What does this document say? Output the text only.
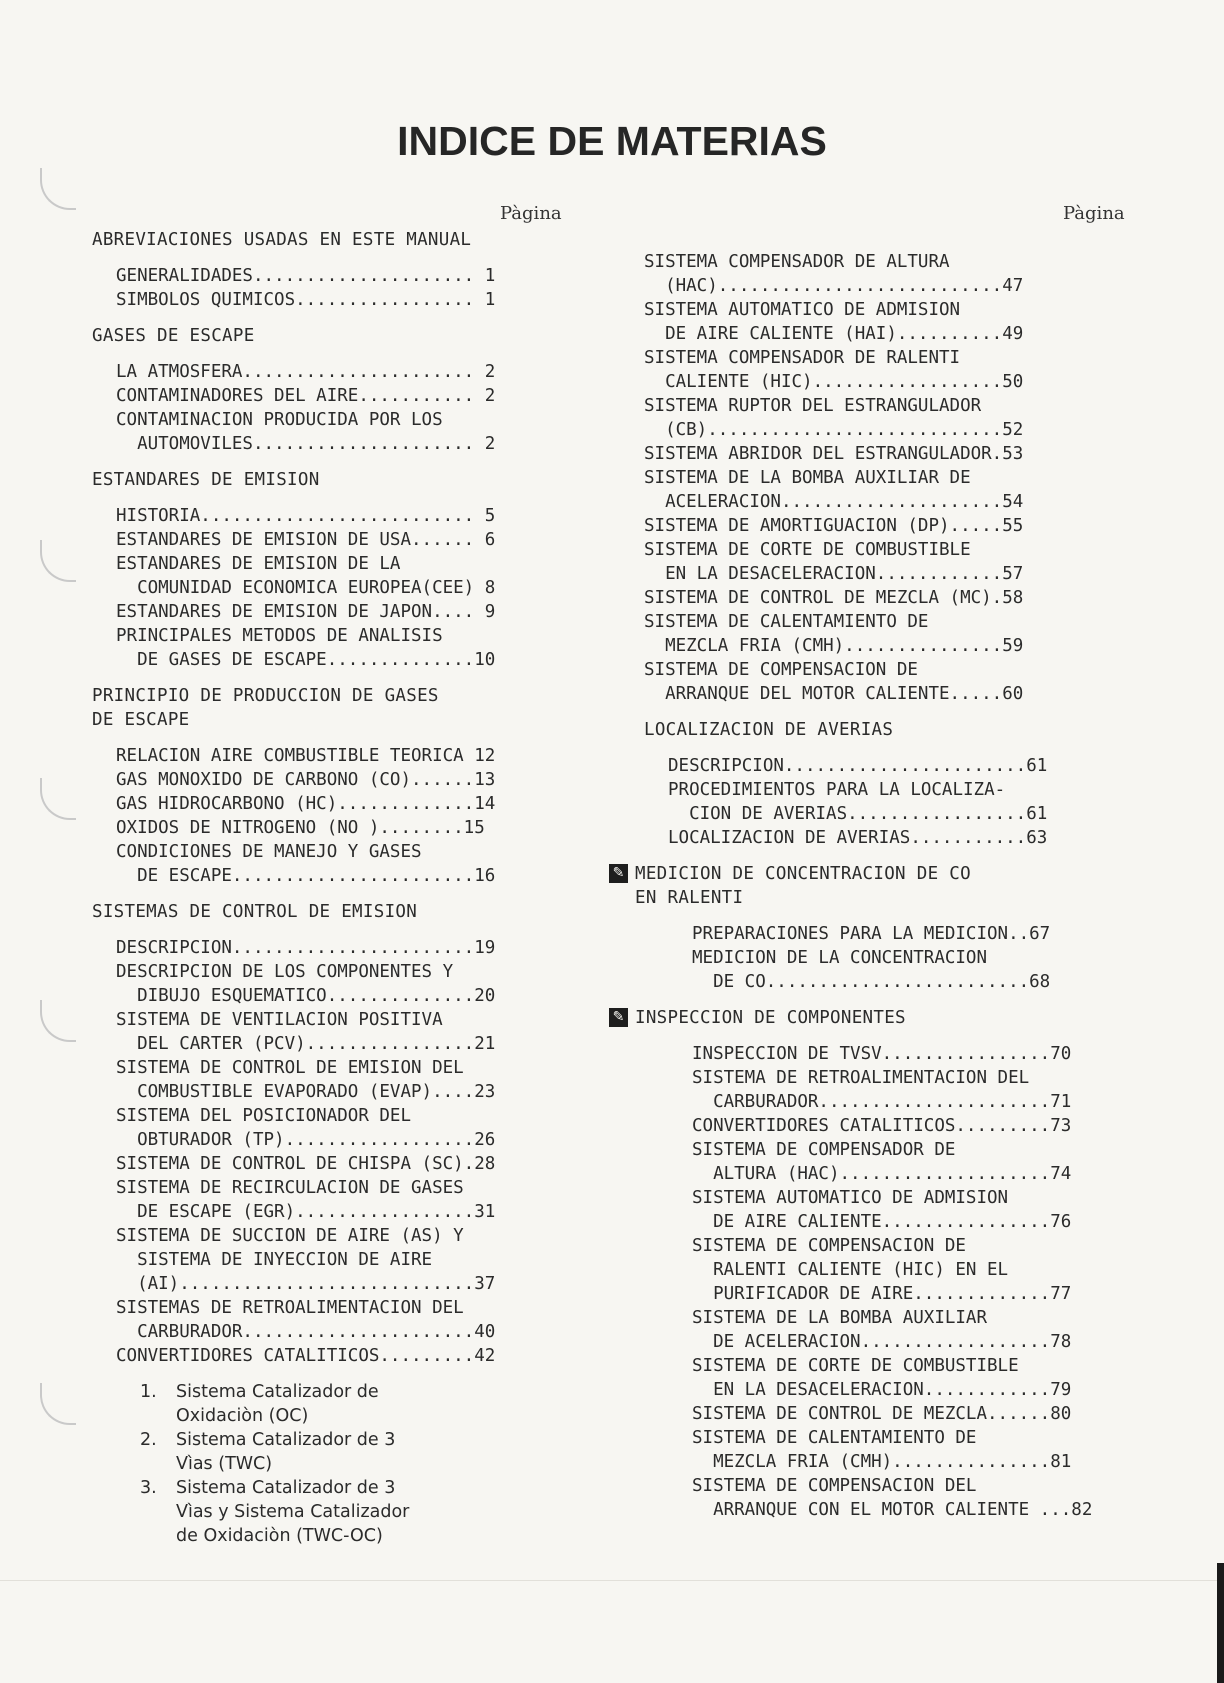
INDICE DE MATERIAS
Pàgina	Pàgina
ABREVIACIONES USADAS EN ESTE MANUAL
GENERALIDADES..................... 1
SIMBOLOS QUIMICOS................. 1
GASES DE ESCAPE
LA ATMOSFERA...................... 2
CONTAMINADORES DEL AIRE........... 2
CONTAMINACION PRODUCIDA POR LOS
AUTOMOVILES..................... 2
ESTANDARES DE EMISION
HISTORIA.......................... 5
ESTANDARES DE EMISION DE USA...... 6
ESTANDARES DE EMISION DE LA
COMUNIDAD ECONOMICA EUROPEA(CEE) 8
ESTANDARES DE EMISION DE JAPON.... 9
PRINCIPALES METODOS DE ANALISIS
DE GASES DE ESCAPE..............10
PRINCIPIO DE PRODUCCION DE GASES
DE ESCAPE
RELACION AIRE COMBUSTIBLE TEORICA 12
GAS MONOXIDO DE CARBONO (CO)......13
GAS HIDROCARBONO (HC).............14
OXIDOS DE NITROGENO (NO )........15
CONDICIONES DE MANEJO Y GASES
DE ESCAPE.......................16
SISTEMAS DE CONTROL DE EMISION
DESCRIPCION.......................19
DESCRIPCION DE LOS COMPONENTES Y
DIBUJO ESQUEMATICO..............20
SISTEMA DE VENTILACION POSITIVA
DEL CARTER (PCV)................21
SISTEMA DE CONTROL DE EMISION DEL
COMBUSTIBLE EVAPORADO (EVAP)....23
SISTEMA DEL POSICIONADOR DEL
OBTURADOR (TP)..................26
SISTEMA DE CONTROL DE CHISPA (SC).28
SISTEMA DE RECIRCULACION DE GASES
DE ESCAPE (EGR).................31
SISTEMA DE SUCCION DE AIRE (AS) Y
SISTEMA DE INYECCION DE AIRE
(AI)............................37
SISTEMAS DE RETROALIMENTACION DEL
CARBURADOR......................40
CONVERTIDORES CATALITICOS.........42
1.	Sistema Catalizador de
Oxidaciòn (OC)
2.	Sistema Catalizador de 3
Vìas (TWC)
3.	Sistema Catalizador de 3
Vìas y Sistema Catalizador
de Oxidaciòn (TWC-OC)
SISTEMA COMPENSADOR DE ALTURA
(HAC)...........................47
SISTEMA AUTOMATICO DE ADMISION
DE AIRE CALIENTE (HAI)..........49
SISTEMA COMPENSADOR DE RALENTI
CALIENTE (HIC)..................50
SISTEMA RUPTOR DEL ESTRANGULADOR
(CB)............................52
SISTEMA ABRIDOR DEL ESTRANGULADOR.53
SISTEMA DE LA BOMBA AUXILIAR DE
ACELERACION.....................54
SISTEMA DE AMORTIGUACION (DP).....55
SISTEMA DE CORTE DE COMBUSTIBLE
EN LA DESACELERACION............57
SISTEMA DE CONTROL DE MEZCLA (MC).58
SISTEMA DE CALENTAMIENTO DE
MEZCLA FRIA (CMH)...............59
SISTEMA DE COMPENSACION DE
ARRANQUE DEL MOTOR CALIENTE.....60
LOCALIZACION DE AVERIAS
DESCRIPCION.......................61
PROCEDIMIENTOS PARA LA LOCALIZA-
CION DE AVERIAS.................61
LOCALIZACION DE AVERIAS...........63
✎ MEDICION DE CONCENTRACION DE CO
EN RALENTI
PREPARACIONES PARA LA MEDICION..67
MEDICION DE LA CONCENTRACION
DE CO.........................68
✎ INSPECCION DE COMPONENTES
INSPECCION DE TVSV................70
SISTEMA DE RETROALIMENTACION DEL
CARBURADOR......................71
CONVERTIDORES CATALITICOS.........73
SISTEMA DE COMPENSADOR DE
ALTURA (HAC)....................74
SISTEMA AUTOMATICO DE ADMISION
DE AIRE CALIENTE................76
SISTEMA DE COMPENSACION DE
RALENTI CALIENTE (HIC) EN EL
PURIFICADOR DE AIRE.............77
SISTEMA DE LA BOMBA AUXILIAR
DE ACELERACION..................78
SISTEMA DE CORTE DE COMBUSTIBLE
EN LA DESACELERACION............79
SISTEMA DE CONTROL DE MEZCLA......80
SISTEMA DE CALENTAMIENTO DE
MEZCLA FRIA (CMH)...............81
SISTEMA DE COMPENSACION DEL
ARRANQUE CON EL MOTOR CALIENTE ...82
